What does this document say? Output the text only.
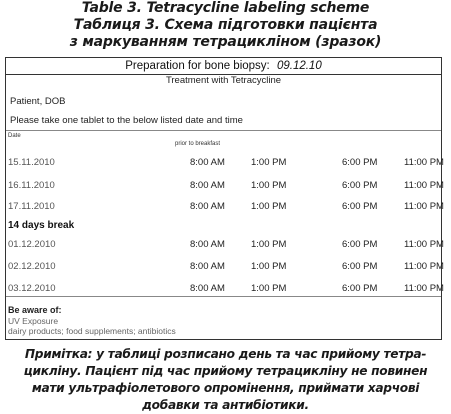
Table 3. Tetracycline labeling scheme
Таблиця 3. Схема підготовки пацієнта
з маркуванням тетрацикліном (зразок)
Preparation for bone biopsy: 09.12.10
Treatment with Tetracycline
Patient, DOB
Please take one tablet to the below listed date and time
Date
prior to breakfast
15.11.2010	8:00 AM	1:00 PM	6:00 PM	11:00 PM
16.11.2010	8:00 AM	1:00 PM	6:00 PM	11:00 PM
17.11.2010	8:00 AM	1:00 PM	6:00 PM	11:00 PM
14 days break
01.12.2010	8:00 AM	1:00 PM	6:00 PM	11:00 PM
02.12.2010	8:00 AM	1:00 PM	6:00 PM	11:00 PM
03.12.2010	8:00 AM	1:00 PM	6:00 PM	11:00 PM
Be aware of:
UV Exposure
dairy products; food supplements; antibiotics
Примітка: у таблиці розписано день та час прийому тетра-
цикліну. Пацієнт під час прийому тетрацикліну не повинен
мати ультрафіолетового опромінення, приймати харчові
добавки та антибіотики.
